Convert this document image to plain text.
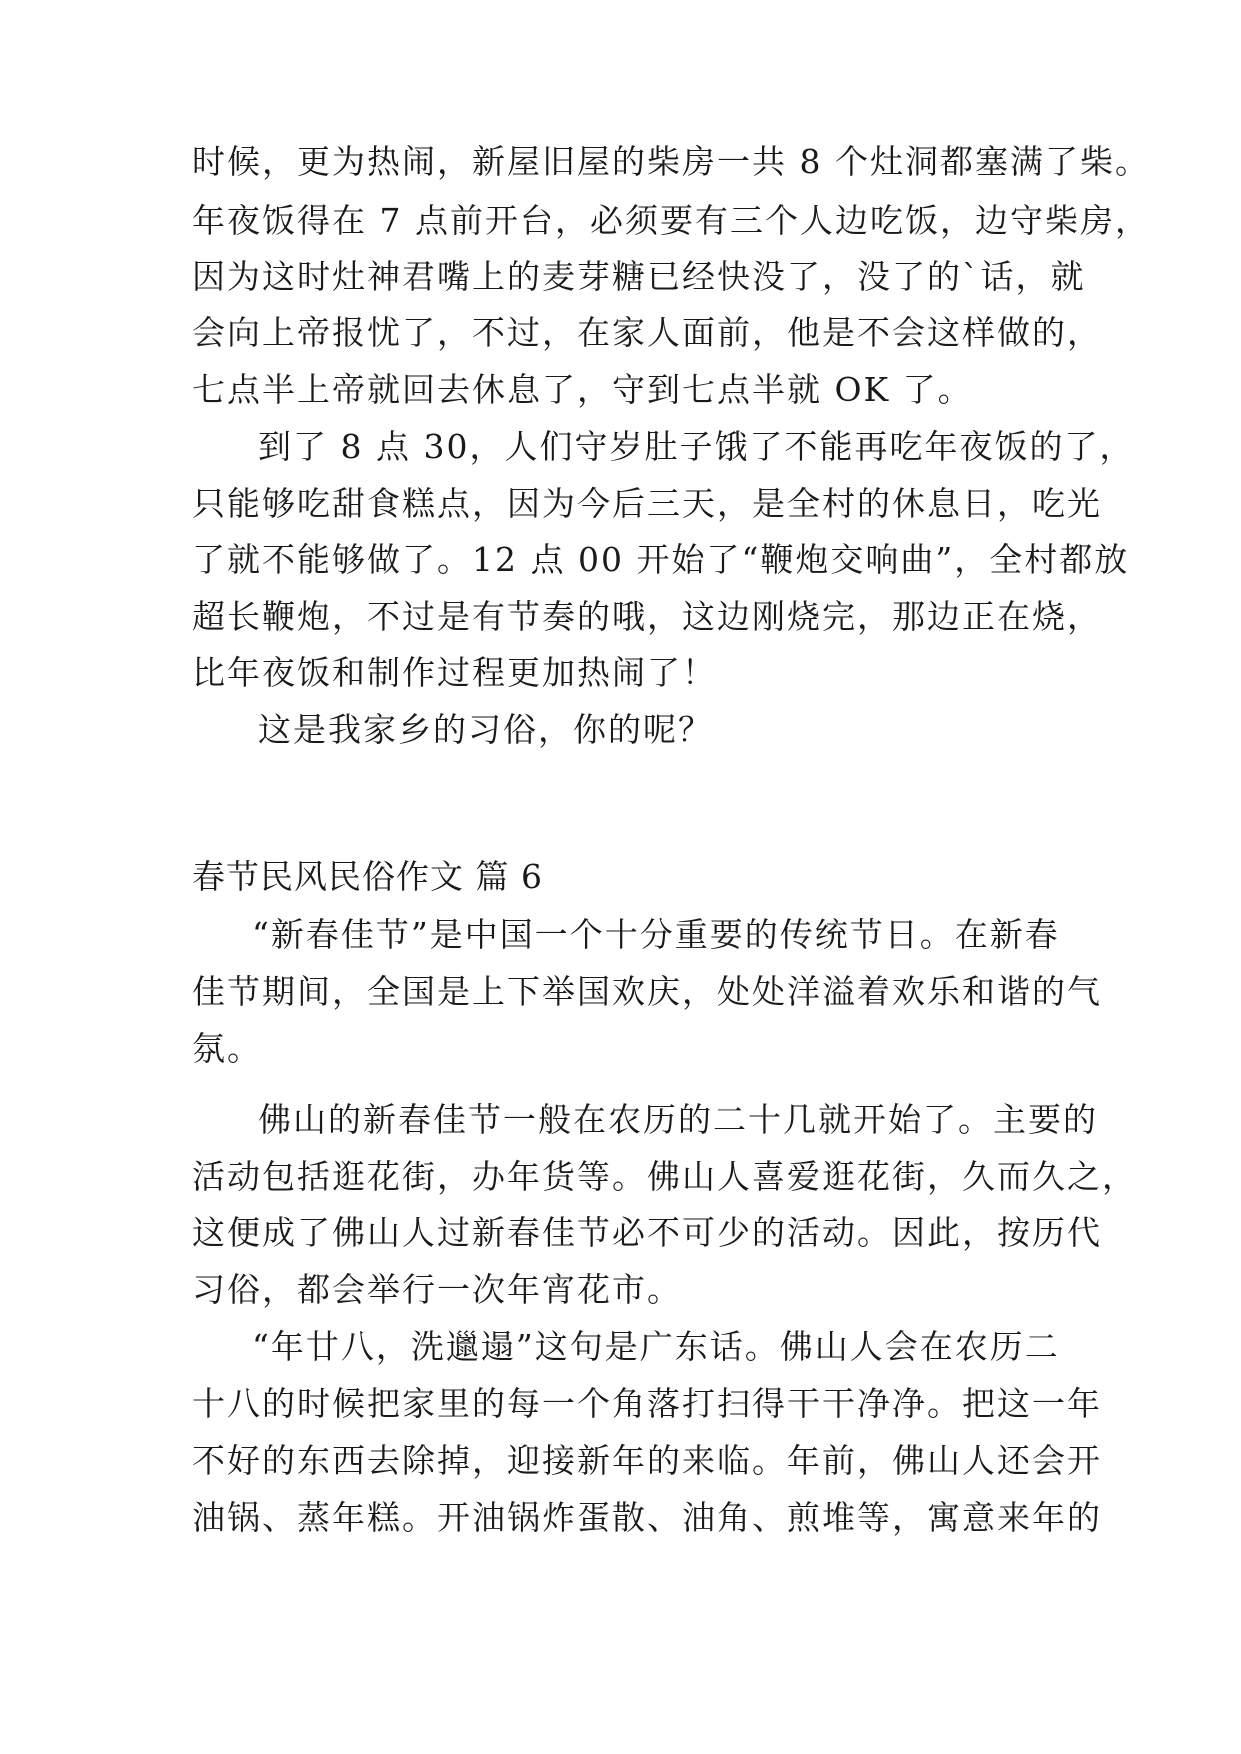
时候，更为热闹，新屋旧屋的柴房一共 8 个灶洞都塞满了柴。
年夜饭得在 7 点前开台，必须要有三个人边吃饭，边守柴房，
因为这时灶神君嘴上的麦芽糖已经快没了，没了的`话，就
会向上帝报忧了，不过，在家人面前，他是不会这样做的，
七点半上帝就回去休息了，守到七点半就 OK 了。
到了 8 点 30，人们守岁肚子饿了不能再吃年夜饭的了，
只能够吃甜食糕点，因为今后三天，是全村的休息日，吃光
了就不能够做了。12 点 00 开始了“鞭炮交响曲”，全村都放
超长鞭炮，不过是有节奏的哦，这边刚烧完，那边正在烧，
比年夜饭和制作过程更加热闹了！
这是我家乡的习俗，你的呢？
春节民风民俗作文 篇 6
“新春佳节”是中国一个十分重要的传统节日。在新春
佳节期间，全国是上下举国欢庆，处处洋溢着欢乐和谐的气
氛。
佛山的新春佳节一般在农历的二十几就开始了。主要的
活动包括逛花街，办年货等。佛山人喜爱逛花街，久而久之，
这便成了佛山人过新春佳节必不可少的活动。因此，按历代
习俗，都会举行一次年宵花市。
“年廿八，洗邋遢”这句是广东话。佛山人会在农历二
十八的时候把家里的每一个角落打扫得干干净净。把这一年
不好的东西去除掉，迎接新年的来临。年前，佛山人还会开
油锅、蒸年糕。开油锅炸蛋散、油角、煎堆等，寓意来年的
